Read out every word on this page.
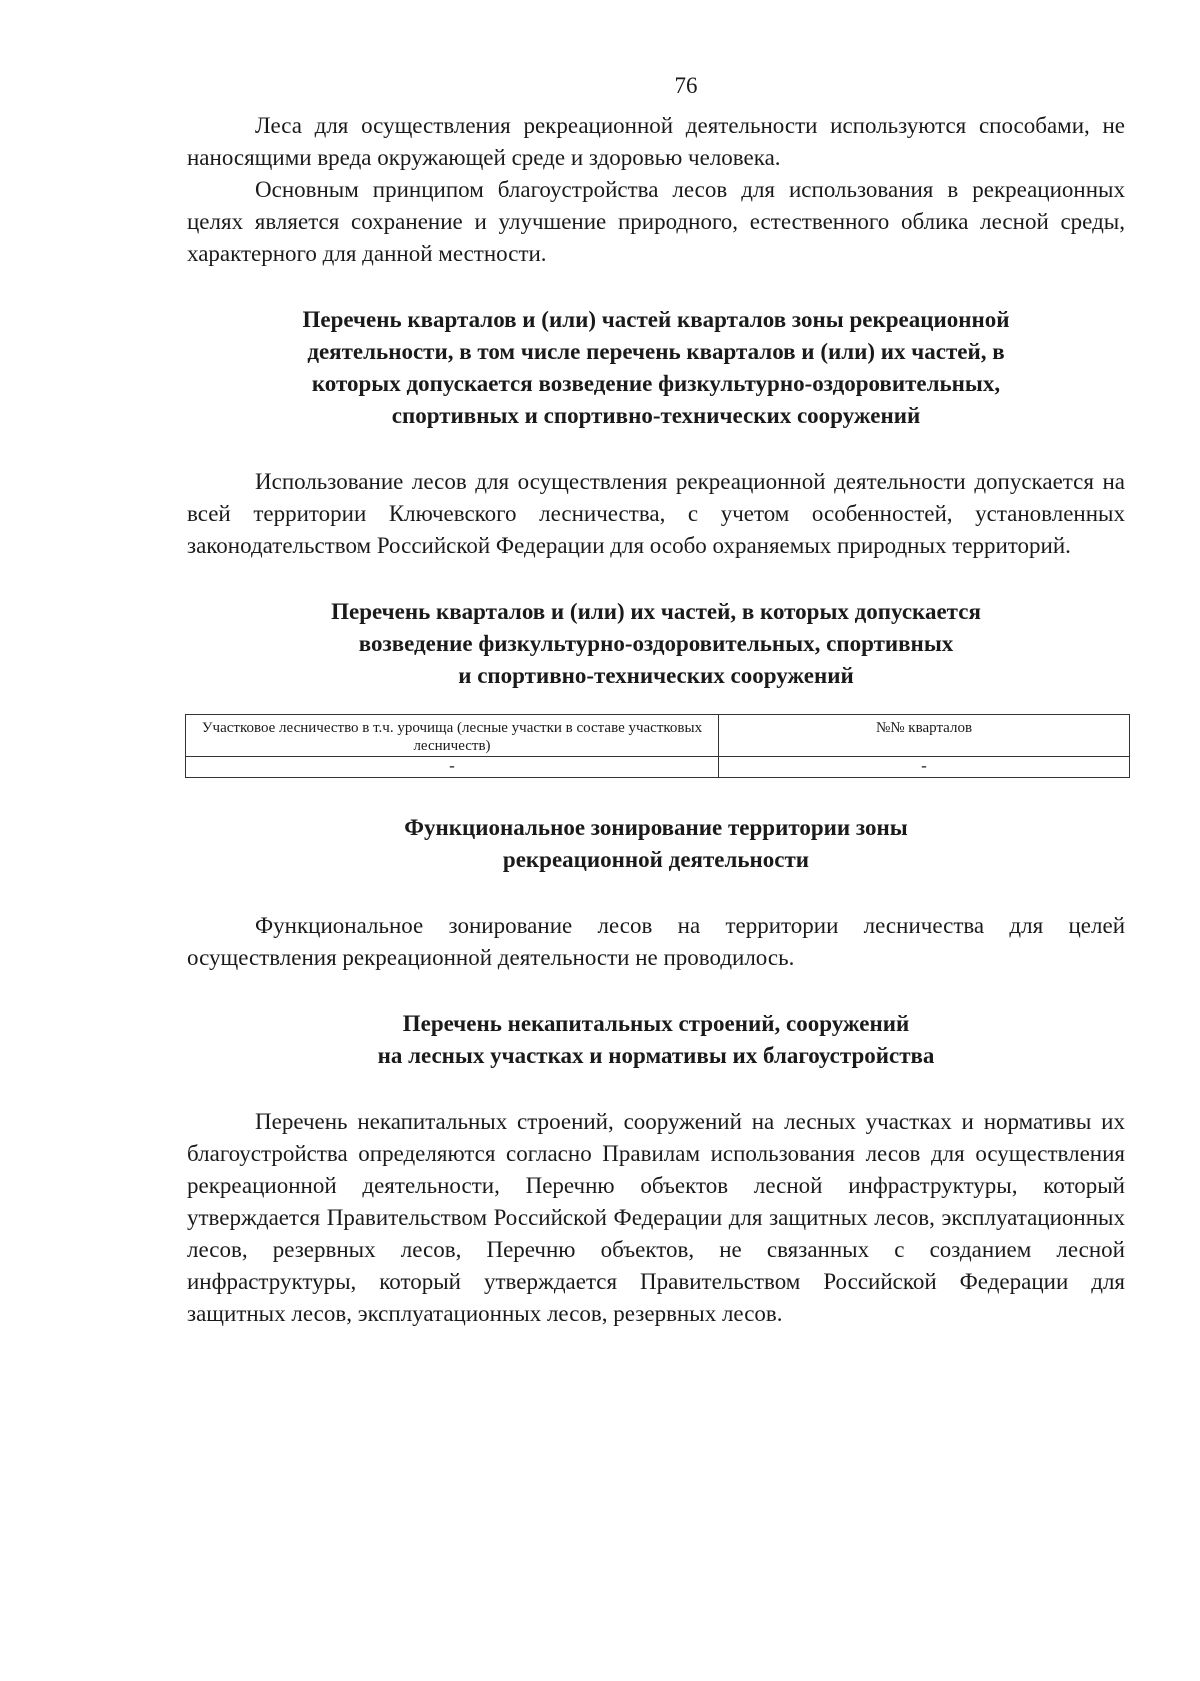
76

Леса для осуществления рекреационной деятельности используются способами, не наносящими вреда окружающей среде и здоровью человека.

Основным принципом благоустройства лесов для использования в рекреационных целях является сохранение и улучшение природного, естественного облика лесной среды, характерного для данной местности.

Перечень кварталов и (или) частей кварталов зоны рекреационной
деятельности, в том числе перечень кварталов и (или) их частей, в
которых допускается возведение физкультурно-оздоровительных,
спортивных и спортивно-технических сооружений

Использование лесов для осуществления рекреационной деятельности допускается на всей территории Ключевского лесничества, с учетом особенностей, установленных законодательством Российской Федерации для особо охраняемых природных территорий.

Перечень кварталов и (или) их частей, в которых допускается
возведение физкультурно-оздоровительных, спортивных
и спортивно-технических сооружений
Участковое лесничество в т.ч. урочища (лесные участки в составе участковых лесничеств)	№№ кварталов
-	-
Функциональное зонирование территории зоны
рекреационной деятельности

Функциональное зонирование лесов на территории лесничества для целей осуществления рекреационной деятельности не проводилось.

Перечень некапитальных строений, сооружений
на лесных участках и нормативы их благоустройства

Перечень некапитальных строений, сооружений на лесных участках и нормативы их благоустройства определяются согласно Правилам использования лесов для осуществления рекреационной деятельности, Перечню объектов лесной инфраструктуры, который утверждается Правительством Российской Федерации для защитных лесов, эксплуатационных лесов, резервных лесов, Перечню объектов, не связанных с созданием лесной инфраструктуры, который утверждается Правительством Российской Федерации для защитных лесов, эксплуатационных лесов, резервных лесов.
